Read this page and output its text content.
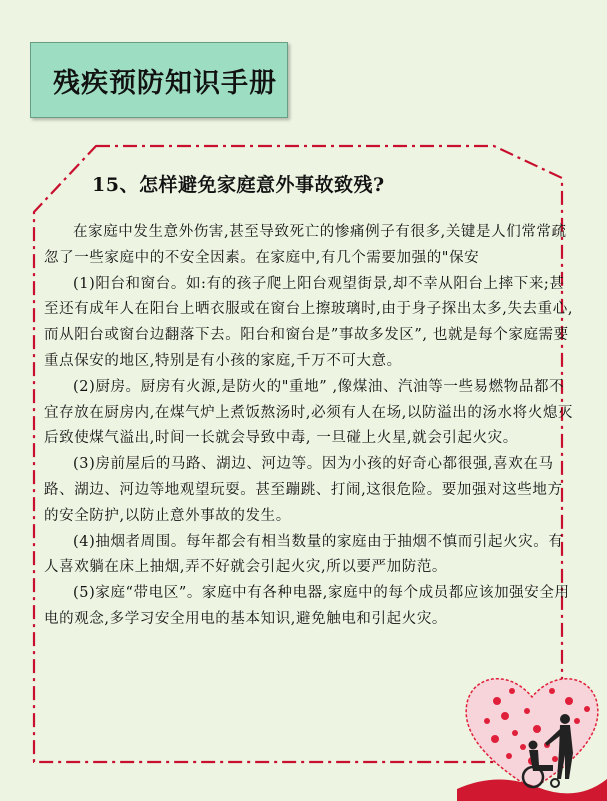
残疾预防知识手册
15、怎样避免家庭意外事故致残?

在家庭中发生意外伤害,甚至导致死亡的惨痛例子有很多,关键是人们常常疏忽了一些家庭中的不安全因素。在家庭中,有几个需要加强的"保安

(1)阳台和窗台。如:有的孩子爬上阳台观望街景,却不幸从阳台上摔下来;甚至还有成年人在阳台上晒衣服或在窗台上擦玻璃时,由于身子探出太多,失去重心,而从阳台或窗台边翻落下去。阳台和窗台是”事故多发区”, 也就是每个家庭需要重点保安的地区,特别是有小孩的家庭,千万不可大意。

(2)厨房。厨房有火源,是防火的"重地” ,像煤油、汽油等一些易燃物品都不宜存放在厨房内,在煤气炉上煮饭熬汤时,必须有人在场,以防溢出的汤水将火熄灭后致使煤气溢出,时间一长就会导致中毒, 一旦碰上火星,就会引起火灾。

(3)房前屋后的马路、湖边、河边等。因为小孩的好奇心都很强,喜欢在马路、湖边、河边等地观望玩耍。甚至蹦跳、打闹,这很危险。要加强对这些地方的安全防护,以防止意外事故的发生。

(4)抽烟者周围。每年都会有相当数量的家庭由于抽烟不慎而引起火灾。有人喜欢躺在床上抽烟,弄不好就会引起火灾,所以要严加防范。

(5)家庭“带电区”。家庭中有各种电器,家庭中的每个成员都应该加强安全用电的观念,多学习安全用电的基本知识,避免触电和引起火灾。
